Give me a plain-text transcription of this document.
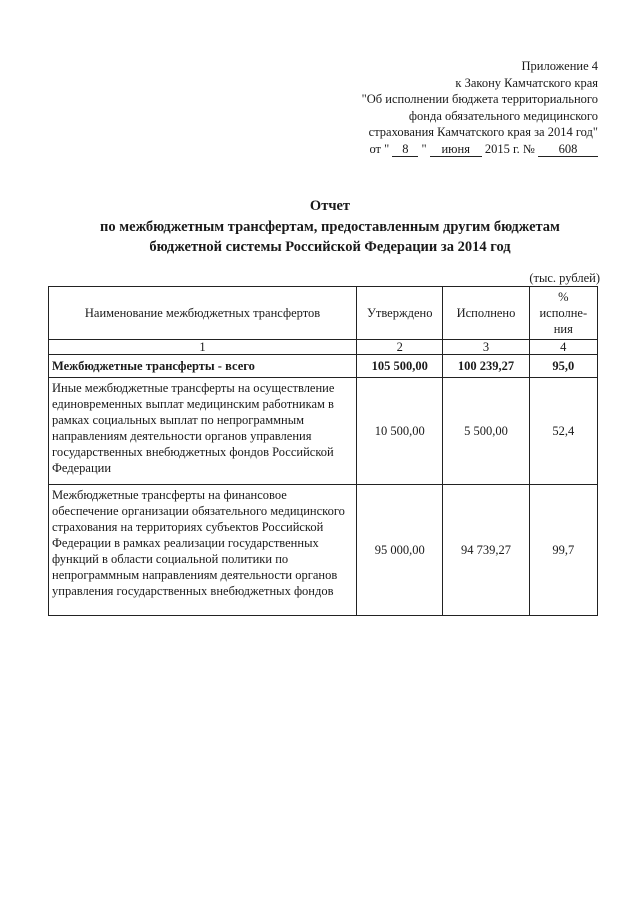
Приложение 4
к Закону Камчатского края
"Об исполнении бюджета территориального
фонда обязательного медицинского
страхования Камчатского края за 2014 год"
от " 8 " июня 2015 г. № 608
Отчет
по межбюджетным трансфертам, предоставленным другим бюджетам
бюджетной системы Российской Федерации за 2014 год
(тыс. рублей)
Наименование межбюджетных трансфертов	Утверждено	Исполнено	%
исполне-
ния

1	2	3	4
Межбюджетные трансферты - всего	105 500,00	100 239,27	95,0
Иные межбюджетные трансферты на осуществление единовременных выплат медицинским работникам в рамках социальных выплат по непрограммным направлениям деятельности органов управления государственных внебюджетных фондов Российской Федерации	10 500,00	5 500,00	52,4
Межбюджетные трансферты на финансовое обеспечение организации обязательного медицинского страхования на территориях субъектов Российской Федерации в рамках реализации государственных функций в области социальной политики по непрограммным направлениям деятельности органов управления государственных внебюджетных фондов	95 000,00	94 739,27	99,7
